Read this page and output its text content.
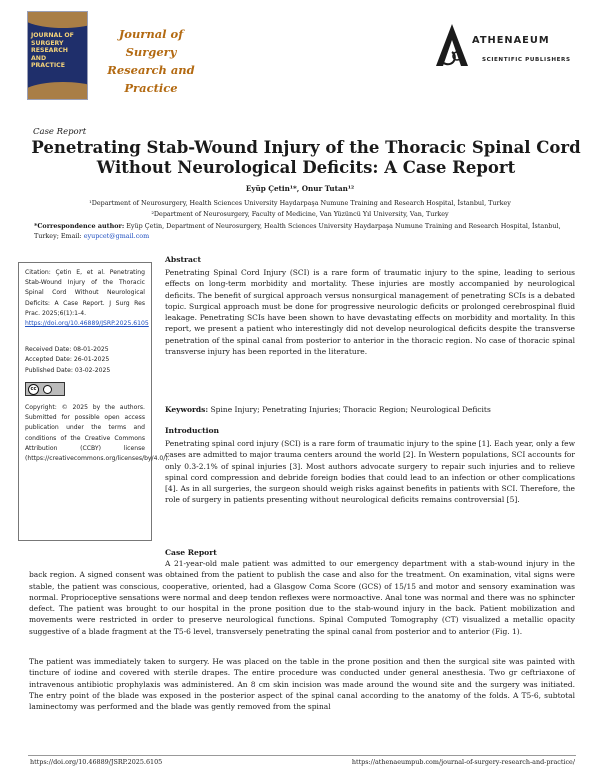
JOURNAL OF
SURGERY
RESEARCH
AND
PRACTICE
Journal of Surgery
Research and
Practice
ATHENAEUM
SCIENTIFIC PUBLISHERS
Case Report
Penetrating Stab-Wound Injury of the Thoracic Spinal Cord Without Neurological Deficits: A Case Report
Eyüp Çetin¹*, Onur Tutan¹²
¹Department of Neurosurgery, Health Sciences University Haydarpaşa Numune Training and Research Hospital, İstanbul, Turkey
²Department of Neurosurgery, Faculty of Medicine, Van Yüzüncü Yıl University, Van, Turkey
*Correspondence author: Eyüp Çetin, Department of Neurosurgery, Health Sciences University Haydarpaşa Numune Training and Research Hospital, İstanbul, Turkey; Email: eyupcet@gmail.com
Citation: Çetin E, et al. Penetrating Stab-Wound Injury of the Thoracic Spinal Cord Without Neurological Deficits: A Case Report. J Surg Res Prac. 2025;6(1):1-4.
https://doi.org/10.46889/JSRP.2025.6105
Received Date: 08-01-2025
Accepted Date: 26-01-2025
Published Date: 03-02-2025
cc
Copyright: © 2025 by the authors. Submitted for possible open access publication under the terms and conditions of the Creative Commons Attribution (CCBY) license (https://creativecommons.org/licenses/by/4.0/).
Abstract
Penetrating Spinal Cord Injury (SCI) is a rare form of traumatic injury to the spine, leading to serious effects on long-term morbidity and mortality. These injuries are mostly accompanied by neurological deficits. The benefit of surgical approach versus nonsurgical management of penetrating SCIs is a debated topic. Surgical approach must be done for progressive neurologic deficits or prolonged cerebrospinal fluid leakage. Penetrating SCIs have been shown to have devastating effects on morbidity and mortality. In this report, we present a patient who interestingly did not develop neurological deficits despite the transverse penetration of the spinal canal from posterior to anterior in the thoracic region. No case of thoracic spinal transverse injury has been reported in the literature.
Keywords: Spine Injury; Penetrating Injuries; Thoracic Region; Neurological Deficits
Introduction
Penetrating spinal cord injury (SCI) is a rare form of traumatic injury to the spine [1]. Each year, only a few cases are admitted to major trauma centers around the world [2]. In Western populations, SCI accounts for only 0.3-2.1% of spinal injuries [3]. Most authors advocate surgery to repair such injuries and to relieve spinal cord compression and debride foreign bodies that could lead to an infection or other complications [4]. As in all surgeries, the surgeon should weigh risks against benefits in patients with SCI. Therefore, the role of surgery in patients presenting without neurological deficits remains controversial [5].
Case Report
A 21-year-old male patient was admitted to our emergency department with a stab-wound injury in the back region. A signed consent was obtained from the patient to publish the case and also for the treatment. On examination, vital signs were stable, the patient was conscious, cooperative, oriented, had a Glasgow Coma Score (GCS) of 15/15 and motor and sensory examination was normal. Proprioceptive sensations were normal and deep tendon reflexes were normoactive. Anal tone was normal and there was no sphincter defect. The patient was brought to our hospital in the prone position due to the stab-wound injury in the back. Patient mobilization and movements were restricted in order to preserve neurological functions. Spinal Computed Tomography (CT) visualized a metallic opacity suggestive of a blade fragment at the T5-6 level, transversely penetrating the spinal canal from posterior and to anterior (Fig. 1).
The patient was immediately taken to surgery. He was placed on the table in the prone position and then the surgical site was painted with tincture of iodine and covered with sterile drapes. The entire procedure was conducted under general anesthesia. Two gr ceftriaxone of intravenous antibiotic prophylaxis was administered. An 8 cm skin incision was made around the wound site and the surgery was initiated. The entry point of the blade was exposed in the posterior aspect of the spinal canal according to the anatomy of the folds. A T5-6, subtotal laminectomy was performed and the blade was gently removed from the spinal
https://doi.org/10.46889/JSRP.2025.6105	https://athenaeumpub.com/journal-of-surgery-research-and-practice/
